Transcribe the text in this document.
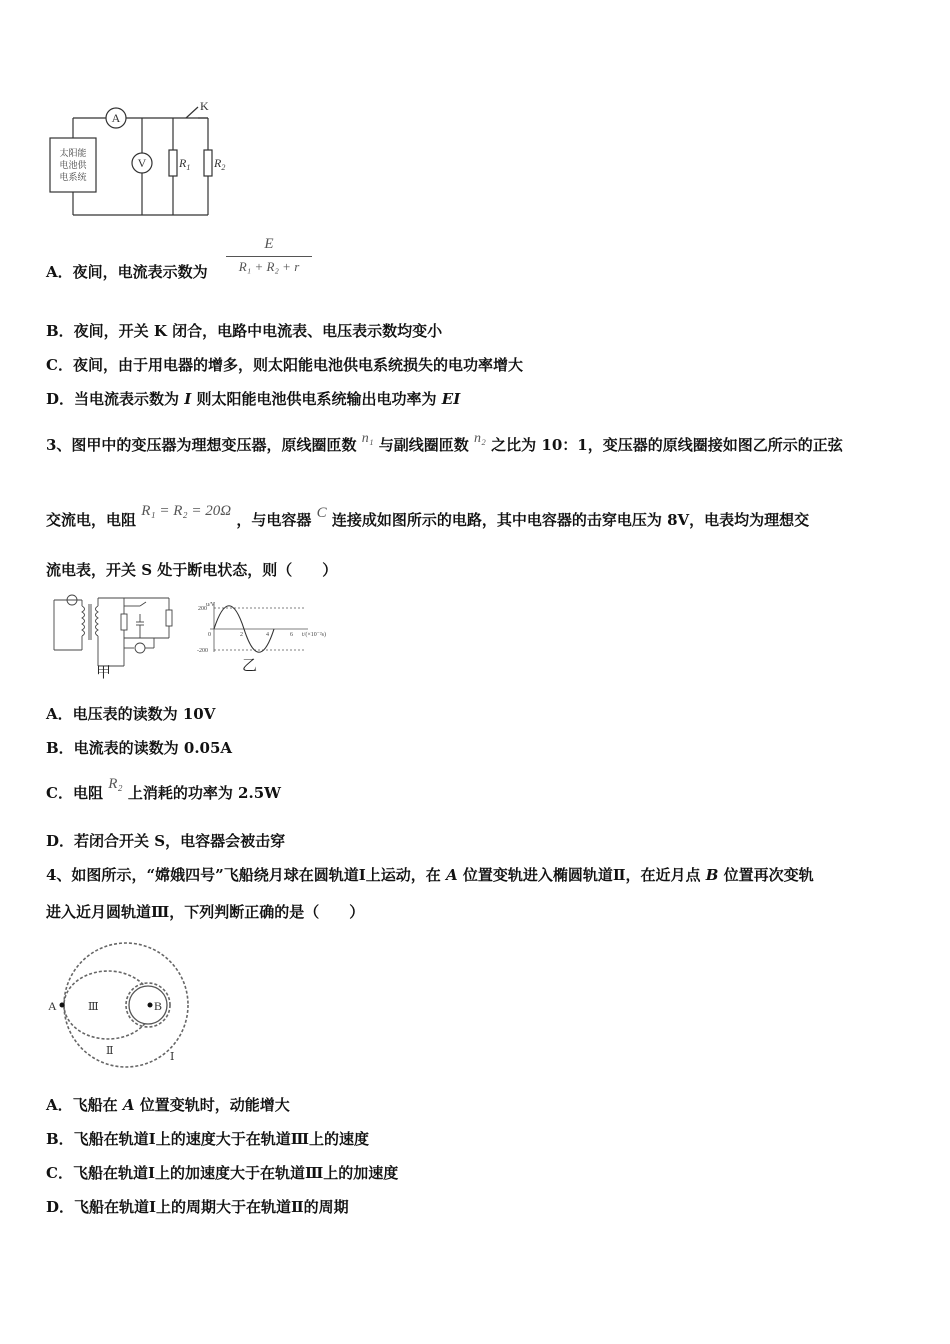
A
V
K
$R_1$ $R_2$
太阳能
电池供
电系统
A．夜间，电流表示数为 $\frac{E}{\text{R₁ + R₂ + r}}$
B．夜间，开关 K 闭合，电路中电流表、电压表示数均变小
C．夜间，由于用电器的增多，则太阳能电池供电系统损失的电功率增大
D．当电流表示数为 I 则太阳能电池供电系统输出电功率为 EI
3、图甲中的变压器为理想变压器，原线圈匝数 n₁ 与副线圈匝数 n₂ 之比为 10：1，变压器的原线圈接如图乙所示的正弦
交流电，电阻 R₁ = R₂ = 20Ω ，与电容器 C 连接成如图所示的电路，其中电容器的击穿电压为 8V，电表均为理想交
流电表，开关 S 处于断电状态，则（　　）
甲
u/V
200
-200
0	2	4	6 t/(×10⁻²s)
乙
A．电压表的读数为 10V
B．电流表的读数为 0.05A
C．电阻 R₂ 上消耗的功率为 2.5W
D．若闭合开关 S，电容器会被击穿
4、如图所示，“嫦娥四号”飞船绕月球在圆轨道Ⅰ上运动，在 A 位置变轨进入椭圆轨道Ⅱ，在近月点 B 位置再次变轨
进入近月圆轨道Ⅲ，下列判断正确的是（　　）
A	B
Ⅲ
Ⅱ	Ⅰ
A．飞船在 A 位置变轨时，动能增大
B．飞船在轨道Ⅰ上的速度大于在轨道Ⅲ上的速度
C．飞船在轨道Ⅰ上的加速度大于在轨道Ⅲ上的加速度
D．飞船在轨道Ⅰ上的周期大于在轨道Ⅱ的周期
